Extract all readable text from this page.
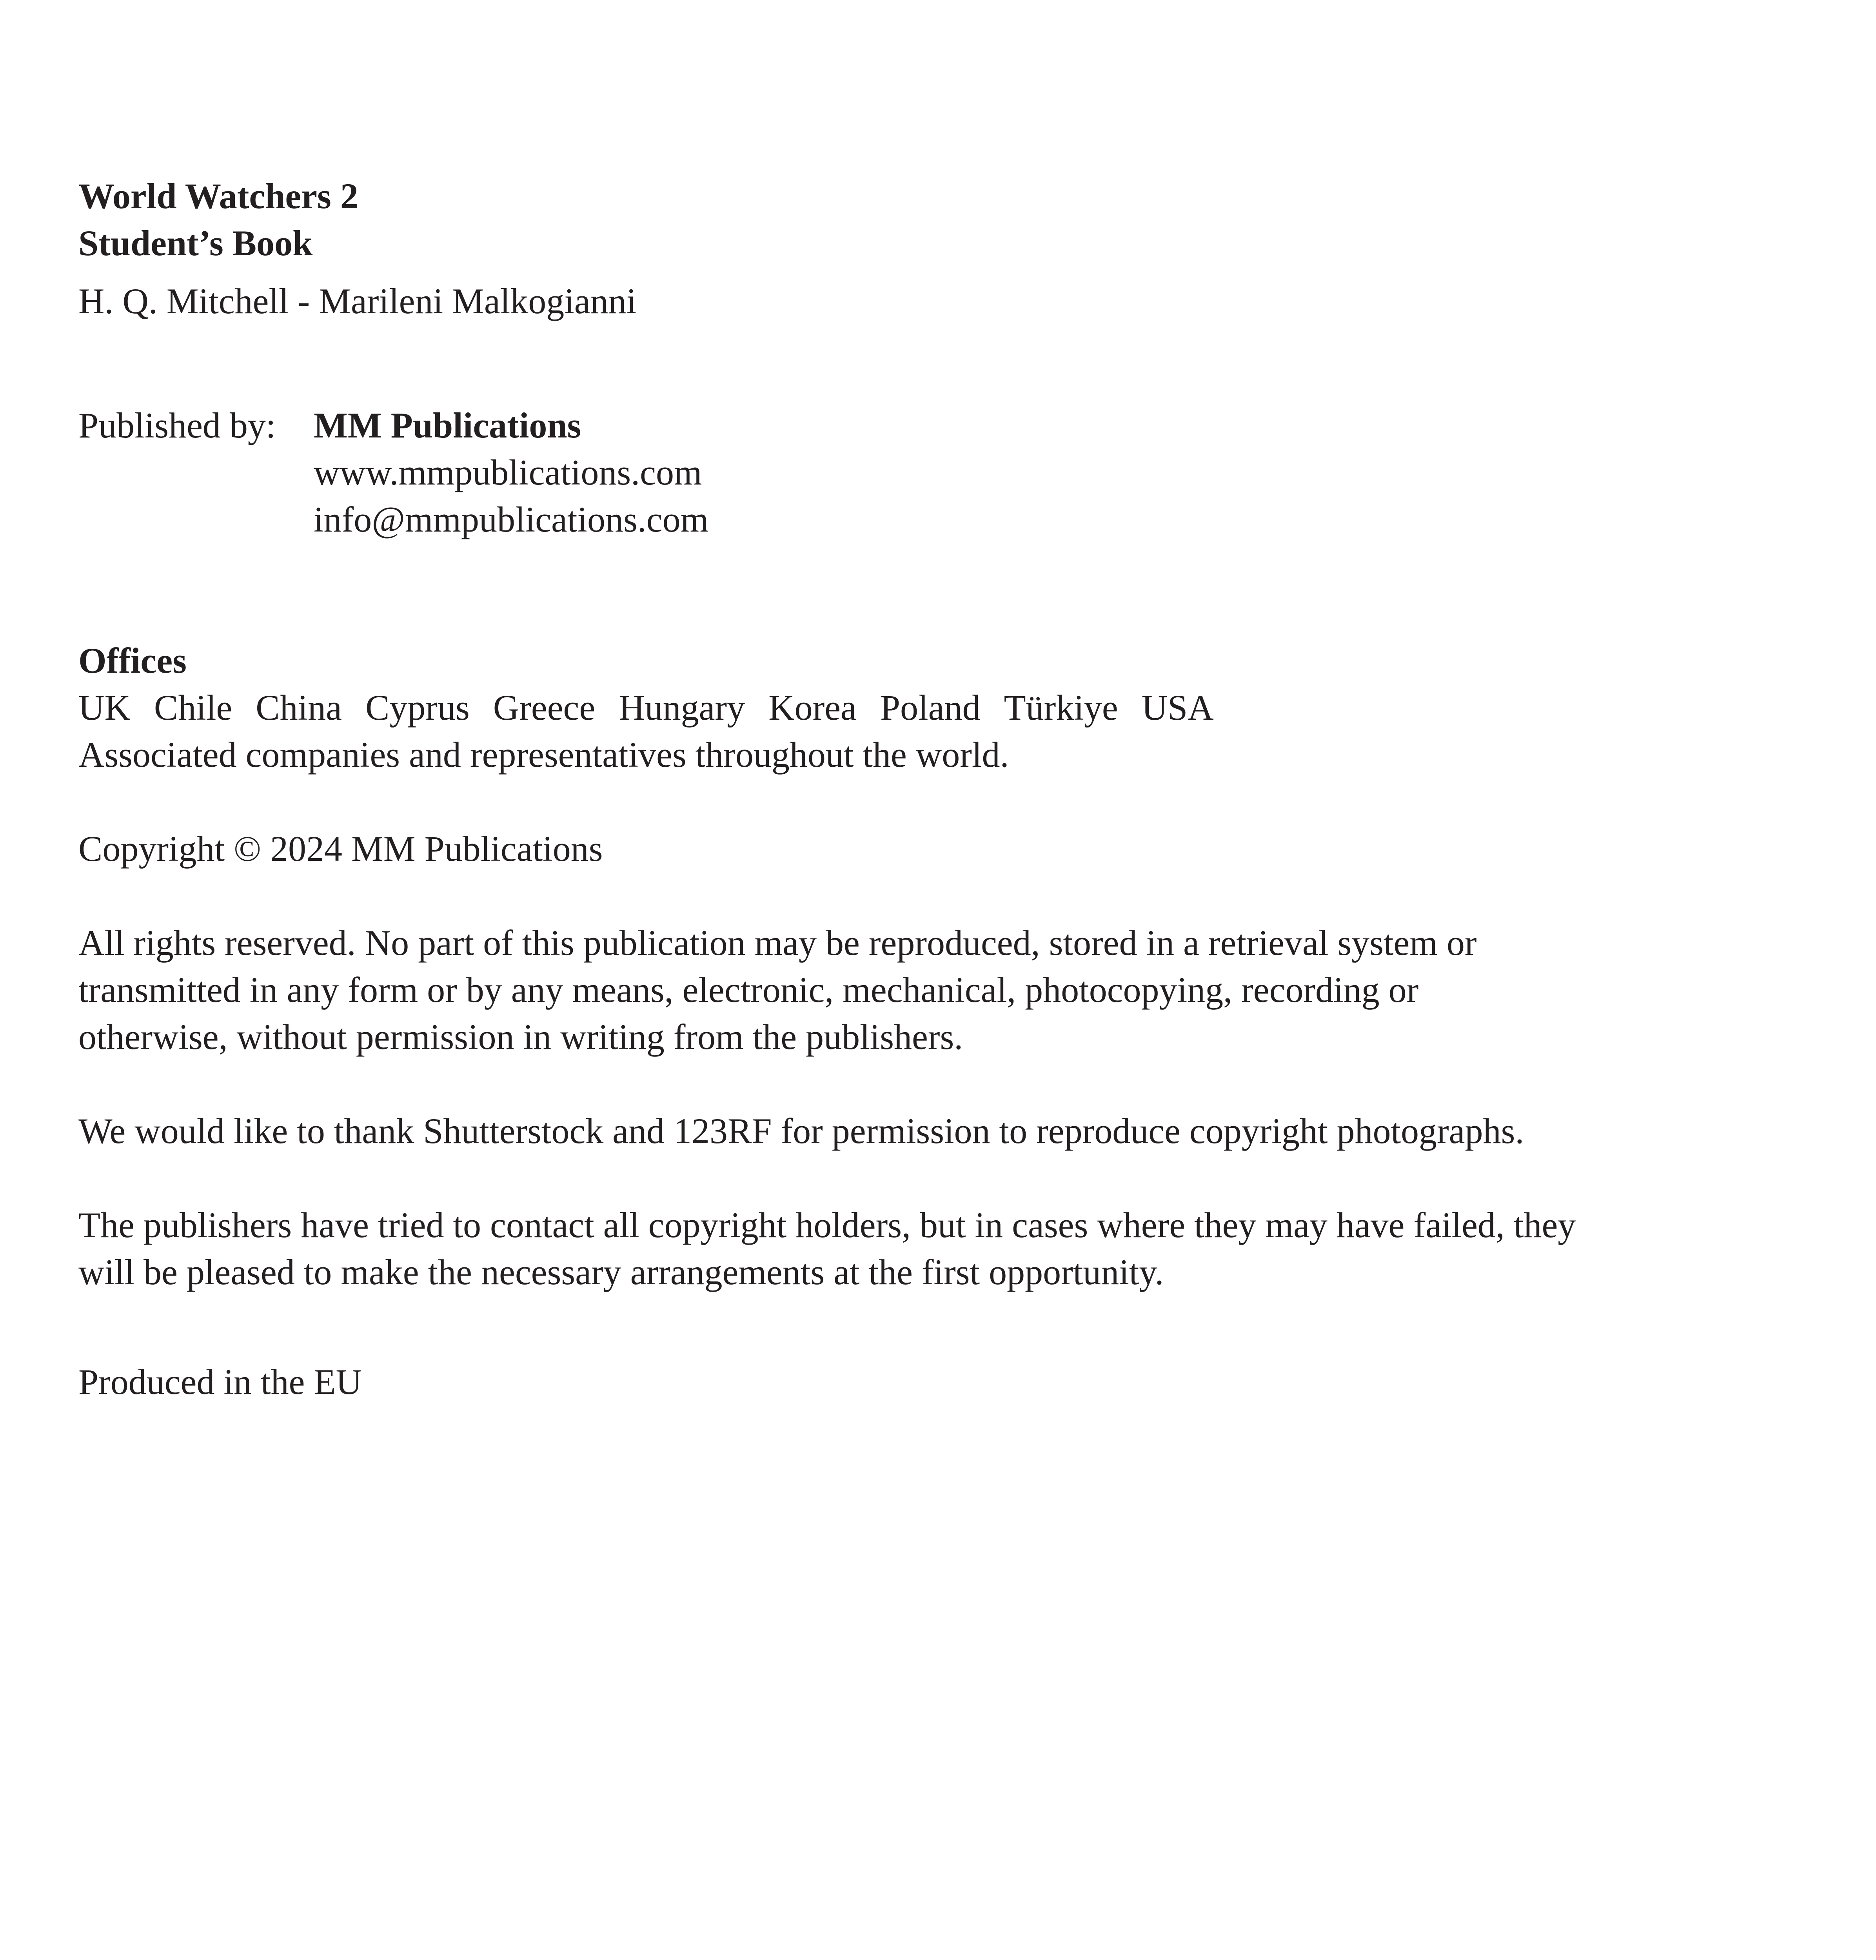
World Watchers 2
Student’s Book
H. Q. Mitchell - Marileni Malkogianni
Published by: MM Publications
www.mmpublications.com
info@mmpublications.com
Offices
UK Chile China Cyprus Greece Hungary Korea Poland Türkiye USA
Associated companies and representatives throughout the world.
Copyright © 2024 MM Publications
All rights reserved. No part of this publication may be reproduced, stored in a retrieval system or
transmitted in any form or by any means, electronic, mechanical, photocopying, recording or
otherwise, without permission in writing from the publishers.
We would like to thank Shutterstock and 123RF for permission to reproduce copyright photographs.
The publishers have tried to contact all copyright holders, but in cases where they may have failed, they
will be pleased to make the necessary arrangements at the first opportunity.
Produced in the EU
